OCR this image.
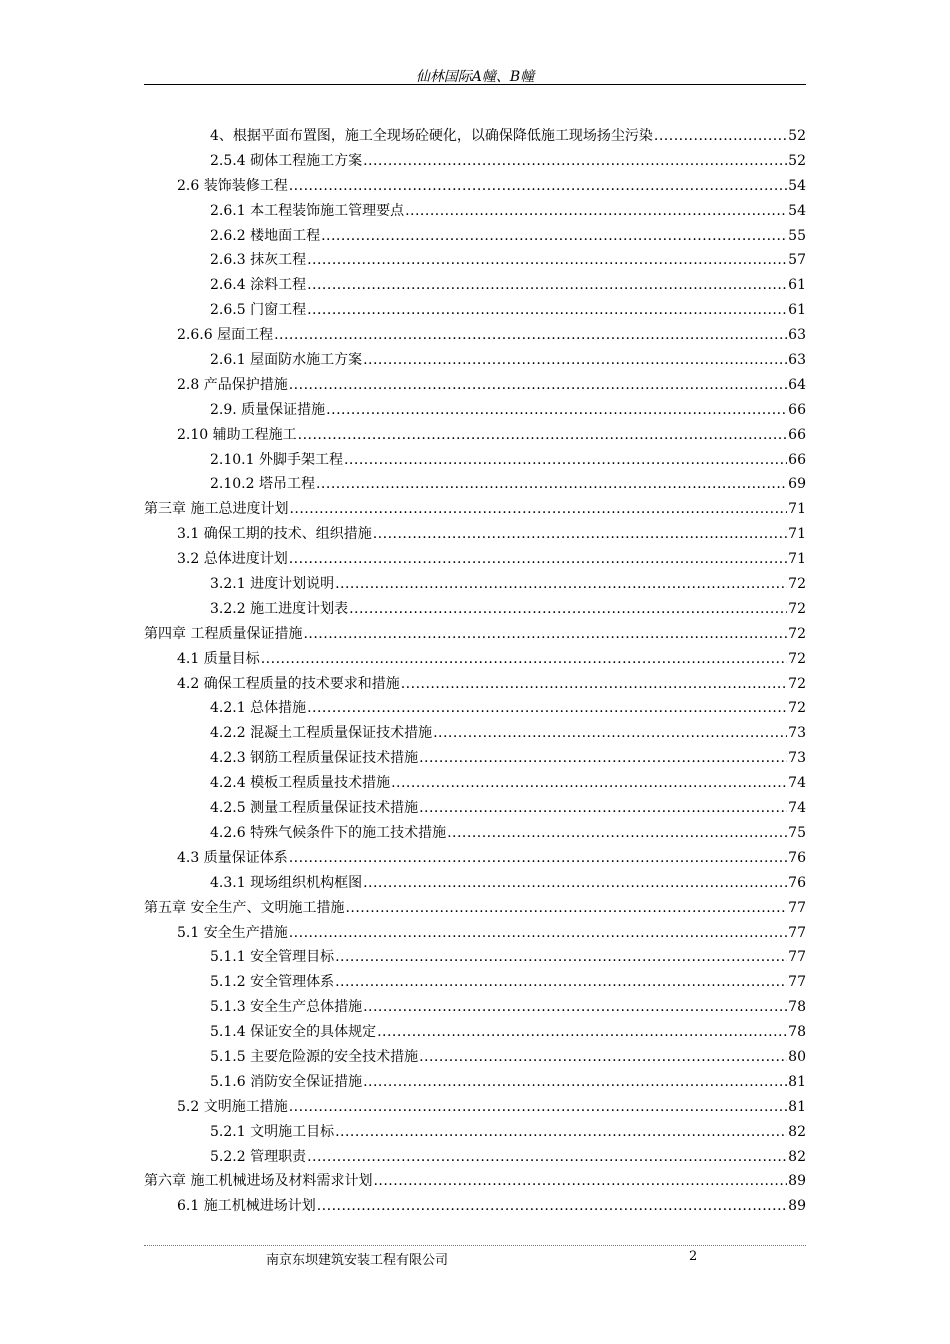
仙林国际A幢、B幢
4、根据平面布置图，施工全现场砼硬化，以确保降低施工现场扬尘污染 .....	52
2.5.4 砌体工程施工方案 .....	52
2.6 装饰装修工程 .....	54
2.6.1 本工程装饰施工管理要点 .....	54
2.6.2 楼地面工程 .....	55
2.6.3 抹灰工程 .....	57
2.6.4 涂料工程 .....	61
2.6.5 门窗工程 .....	61
2.6.6 屋面工程 .....	63
2.6.1 屋面防水施工方案 .....	63
2.8 产品保护措施 .....	64
2.9. 质量保证措施 .....	66
2.10 辅助工程施工 .....	66
2.10.1 外脚手架工程 .....	66
2.10.2 塔吊工程 .....	69
第三章 施工总进度计划 .....	71
3.1 确保工期的技术、组织措施 .....	71
3.2 总体进度计划 .....	71
3.2.1 进度计划说明 .....	72
3.2.2 施工进度计划表 .....	72
第四章 工程质量保证措施 .....	72
4.1 质量目标 .....	72
4.2 确保工程质量的技术要求和措施 .....	72
4.2.1 总体措施 .....	72
4.2.2 混凝土工程质量保证技术措施 .....	73
4.2.3 钢筋工程质量保证技术措施 .....	73
4.2.4 模板工程质量技术措施 .....	74
4.2.5 测量工程质量保证技术措施 .....	74
4.2.6 特殊气候条件下的施工技术措施 .....	75
4.3 质量保证体系 .....	76
4.3.1 现场组织机构框图 .....	76
第五章 安全生产、文明施工措施 .....	77
5.1 安全生产措施 .....	77
5.1.1 安全管理目标 .....	77
5.1.2 安全管理体系 .....	77
5.1.3 安全生产总体措施 .....	78
5.1.4 保证安全的具体规定 .....	78
5.1.5 主要危险源的安全技术措施 .....	80
5.1.6 消防安全保证措施 .....	81
5.2 文明施工措施 .....	81
5.2.1 文明施工目标 .....	82
5.2.2 管理职责 .....	82
第六章 施工机械进场及材料需求计划 .....	89
6.1 施工机械进场计划 .....	89
南京东坝建筑安装工程有限公司	2
